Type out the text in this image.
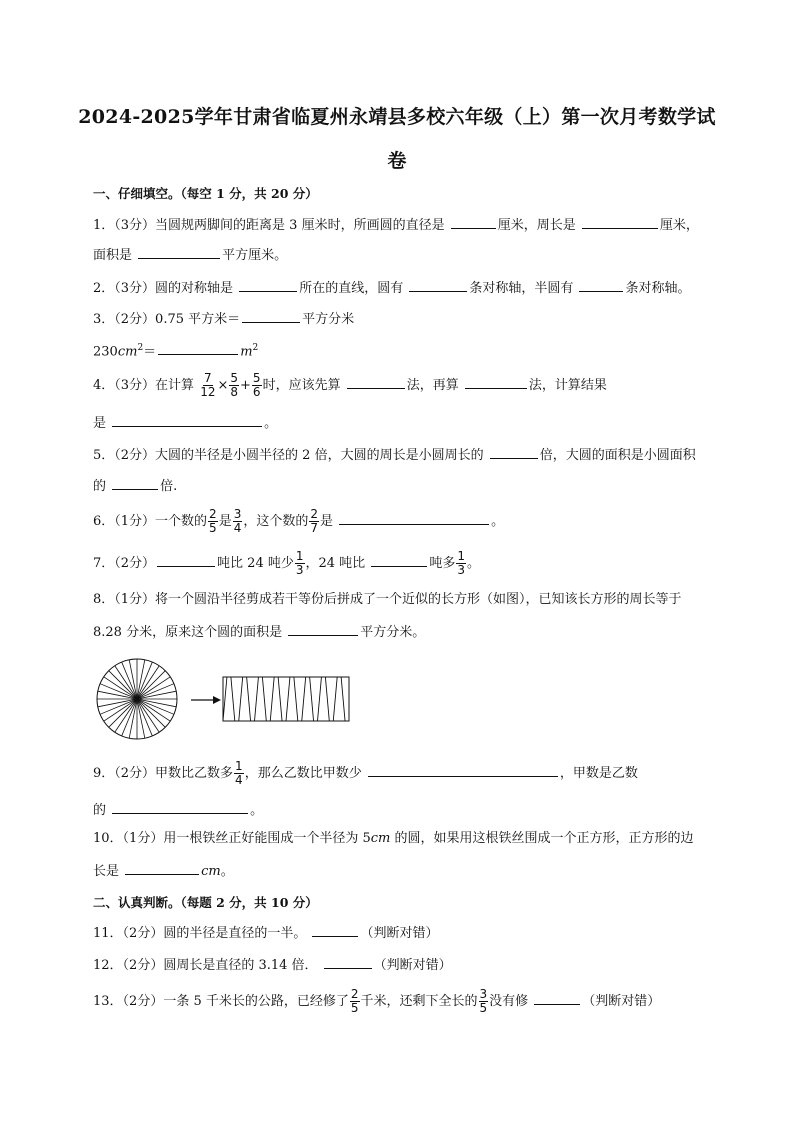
2024-2025学年甘肃省临夏州永靖县多校六年级（上）第一次月考数学试
卷
一、仔细填空。（每空 1 分，共 20 分）
1．（3分）当圆规两脚间的距离是 3 厘米时，所画圆的直径是	厘米，周长是	厘米，
面积是	平方厘米。
2．（3分）圆的对称轴是	所在的直线，圆有	条对称轴，半圆有	条对称轴。
3．（2分）0.75 平方米＝	平方分米
$230cm^2=$	$m^2$
4．（3分）在计算 $\frac{7}{12} \times \frac{5}{8} + \frac{5}{6}$ 时，应该先算	法，再算	法，计算结果
是	。
5．（2分）大圆的半径是小圆半径的 2 倍，大圆的周长是小圆周长的	倍，大圆的面积是小圆面积
的	倍.
6．（1分）一个数的 $\frac{2}{5}$ 是 $\frac{3}{4}$ ，这个数的 $\frac{2}{7}$ 是	。
7．（2分）	吨比 24 吨少 $\frac{1}{3}$ ，24 吨比	吨多 $\frac{1}{3}$ 。
8．（1分）将一个圆沿半径剪成若干等份后拼成了一个近似的长方形（如图），已知该长方形的周长等于
8.28 分米，原来这个圆的面积是	平方分米。
9．（2分）甲数比乙数多 $\frac{1}{4}$ ，那么乙数比甲数少	，甲数是乙数
的	。
10．（1分）用一根铁丝正好能围成一个半径为 5cm 的圆，如果用这根铁丝围成一个正方形，正方形的边
长是	cm。
二、认真判断。（每题 2 分，共 10 分）
11．（2分）圆的半径是直径的一半。	（判断对错）
12．（2分）圆周长是直径的 3.14 倍．	（判断对错）
13．（2分）一条 5 千米长的公路，已经修了 $\frac{2}{5}$ 千米，还剩下全长的 $\frac{3}{5}$ 没有修	（判断对错）
